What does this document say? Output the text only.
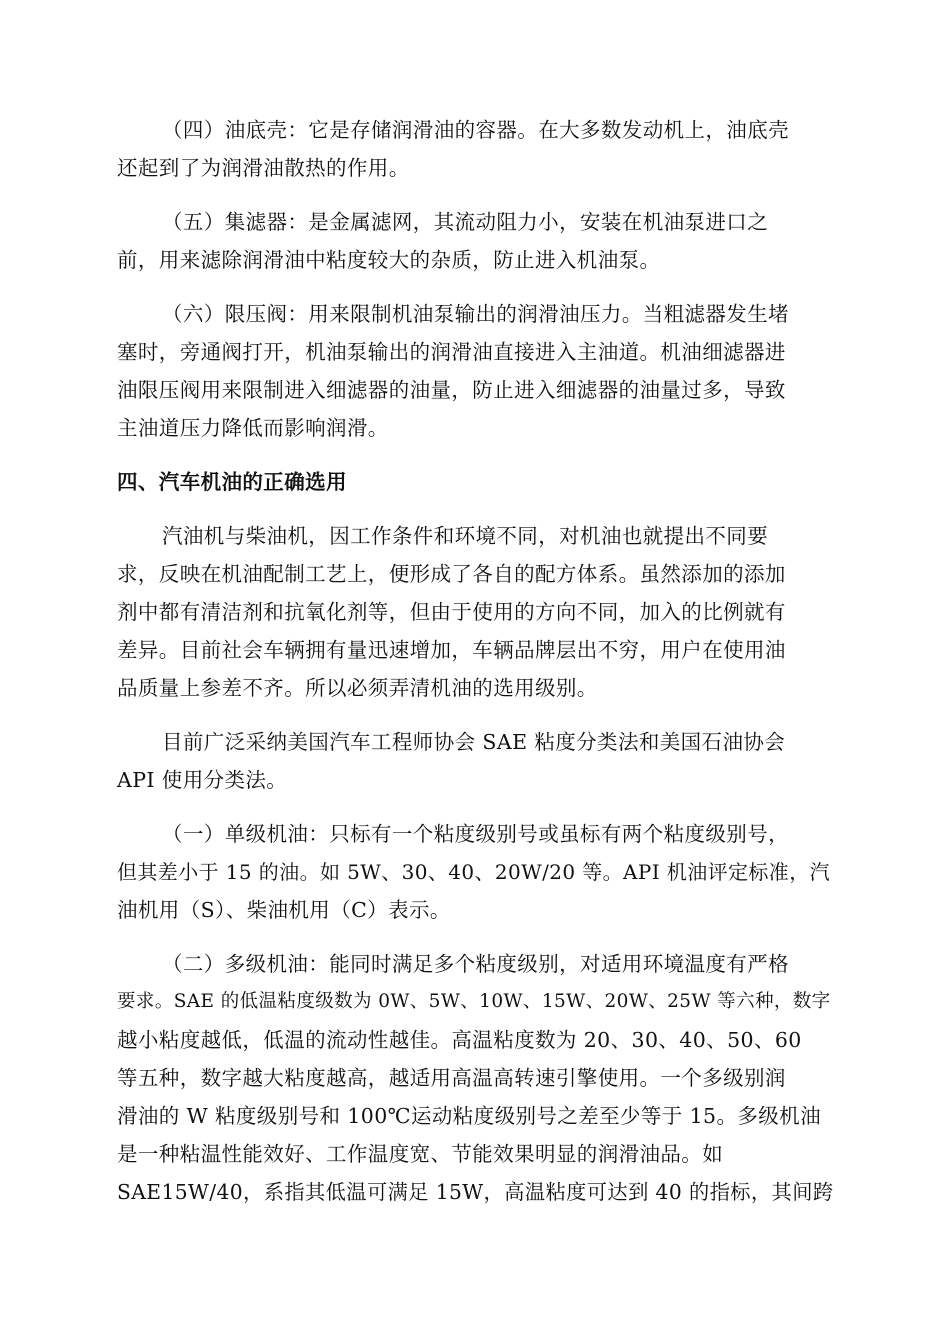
（四）油底壳：它是存储润滑油的容器。在大多数发动机上，油底壳
还起到了为润滑油散热的作用。
（五）集滤器：是金属滤网，其流动阻力小，安装在机油泵进口之
前，用来滤除润滑油中粘度较大的杂质，防止进入机油泵。
（六）限压阀：用来限制机油泵输出的润滑油压力。当粗滤器发生堵
塞时，旁通阀打开，机油泵输出的润滑油直接进入主油道。机油细滤器进
油限压阀用来限制进入细滤器的油量，防止进入细滤器的油量过多，导致
主油道压力降低而影响润滑。
四、汽车机油的正确选用
汽油机与柴油机，因工作条件和环境不同，对机油也就提出不同要
求，反映在机油配制工艺上，便形成了各自的配方体系。虽然添加的添加
剂中都有清洁剂和抗氧化剂等，但由于使用的方向不同，加入的比例就有
差异。目前社会车辆拥有量迅速增加，车辆品牌层出不穷，用户在使用油
品质量上参差不齐。所以必须弄清机油的选用级别。
目前广泛采纳美国汽车工程师协会 SAE 粘度分类法和美国石油协会
API 使用分类法。
（一）单级机油：只标有一个粘度级别号或虽标有两个粘度级别号，
但其差小于 15 的油。如 5W、30、40、20W/20 等。API 机油评定标准，汽
油机用（S）、柴油机用（C）表示。
（二）多级机油：能同时满足多个粘度级别，对适用环境温度有严格
要求。SAE 的低温粘度级数为 0W、5W、10W、15W、20W、25W 等六种，数字
越小粘度越低，低温的流动性越佳。高温粘度数为 20、30、40、50、60
等五种，数字越大粘度越高，越适用高温高转速引擎使用。一个多级别润
滑油的 W 粘度级别号和 100℃运动粘度级别号之差至少等于 15。多级机油
是一种粘温性能效好、工作温度宽、节能效果明显的润滑油品。如
SAE15W/40，系指其低温可满足 15W，高温粘度可达到 40 的指标，其间跨
